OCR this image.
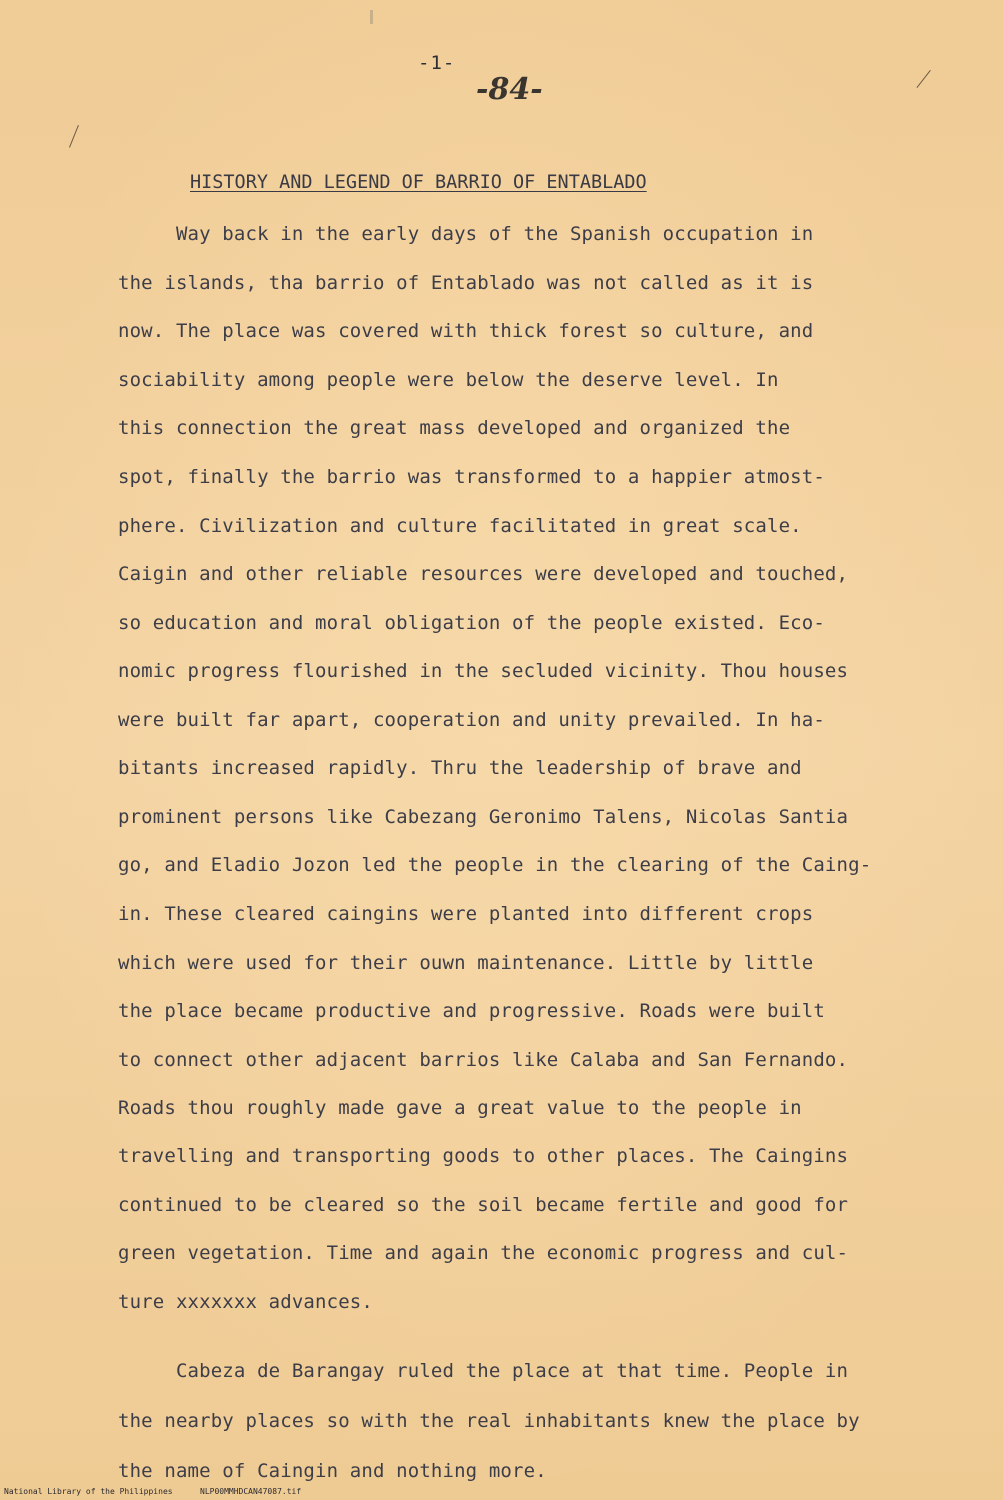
-1-
-84-
HISTORY AND LEGEND OF BARRIO OF ENTABLADO
Way back in the early days of the Spanish occupation in
the islands, tha barrio of Entablado was not called as it is
now. The place was covered with thick forest so culture, and
sociability among people were below the deserve level. In
this connection the great mass developed and organized the
spot, finally the barrio was transformed to a happier atmost-
phere. Civilization and culture facilitated in great scale.
Caigin and other reliable resources were developed and touched,
so education and moral obligation of the people existed. Eco-
nomic progress flourished in the secluded vicinity. Thou houses
were built far apart, cooperation and unity prevailed. In ha-
bitants increased rapidly. Thru the leadership of brave and
prominent persons like Cabezang Geronimo Talens, Nicolas Santia
go, and Eladio Jozon led the people in the clearing of the Caing-
in. These cleared caingins were planted into different crops
which were used for their ouwn maintenance. Little by little
the place became productive and progressive. Roads were built
to connect other adjacent barrios like Calaba and San Fernando.
Roads thou roughly made gave a great value to the people in
travelling and transporting goods to other places. The Caingins
continued to be cleared so the soil became fertile and good for
green vegetation. Time and again the economic progress and cul-
ture xxxxxxx advances.
Cabeza de Barangay ruled the place at that time. People in
the nearby places so with the real inhabitants knew the place by
the name of Caingin and nothing more.
National Library of the Philippines	NLP00MMHDCAN47087.tif
